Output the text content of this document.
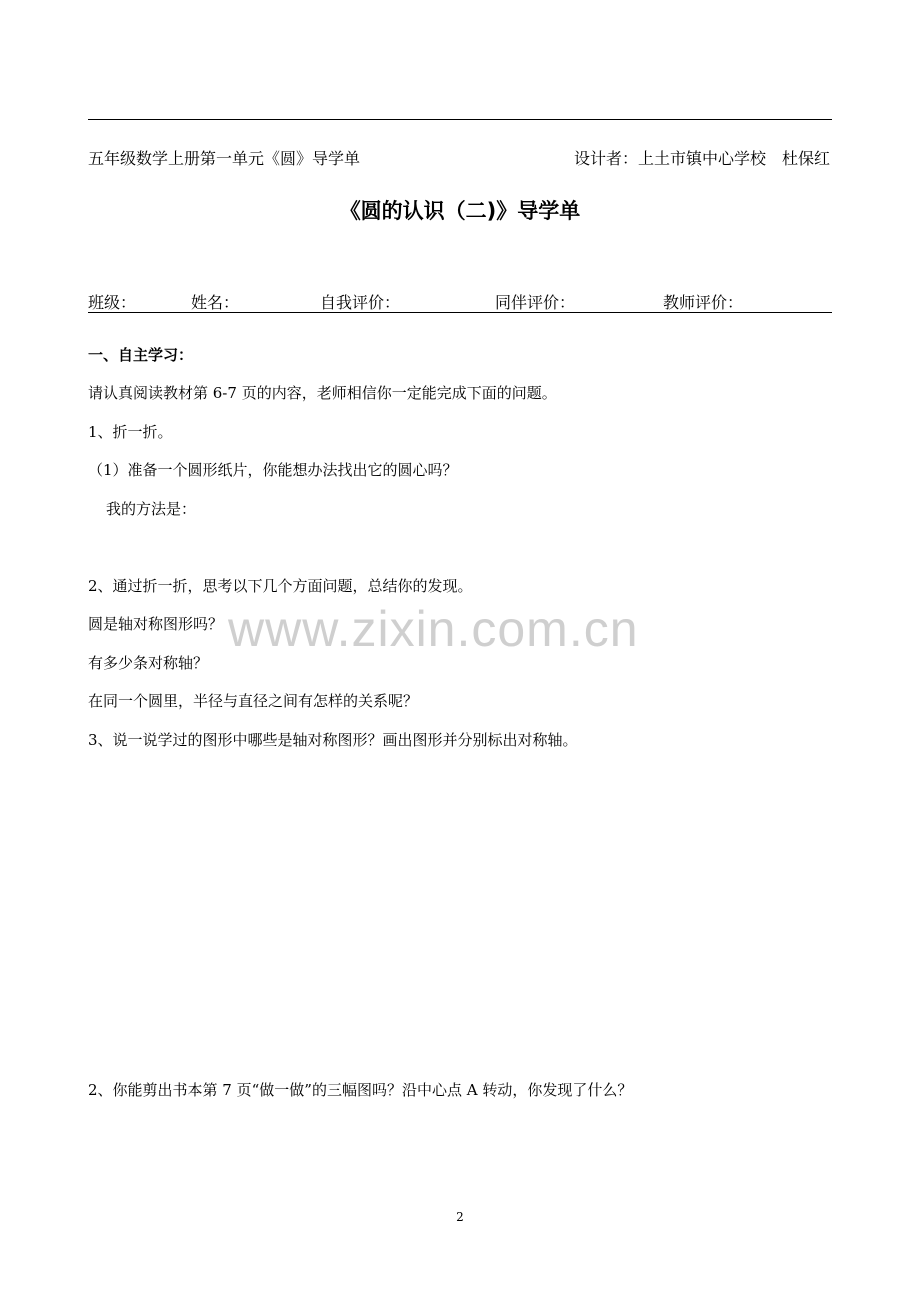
五年级数学上册第一单元《圆》导学单	设计者：上土市镇中心学校　杜保红
《圆的认识（二)》导学单
班级：	姓名：	自我评价：	同伴评价：	教师评价：
一、自主学习：
请认真阅读教材第 6-7 页的内容，老师相信你一定能完成下面的问题。
1、折一折。
（1）准备一个圆形纸片，你能想办法找出它的圆心吗？
我的方法是：
2、通过折一折，思考以下几个方面问题，总结你的发现。
圆是轴对称图形吗？
有多少条对称轴？
在同一个圆里，半径与直径之间有怎样的关系呢？
3、说一说学过的图形中哪些是轴对称图形？画出图形并分别标出对称轴。
2、你能剪出书本第 7 页“做一做”的三幅图吗？沿中心点 A 转动，你发现了什么？
www.zixin.com.cn
2
